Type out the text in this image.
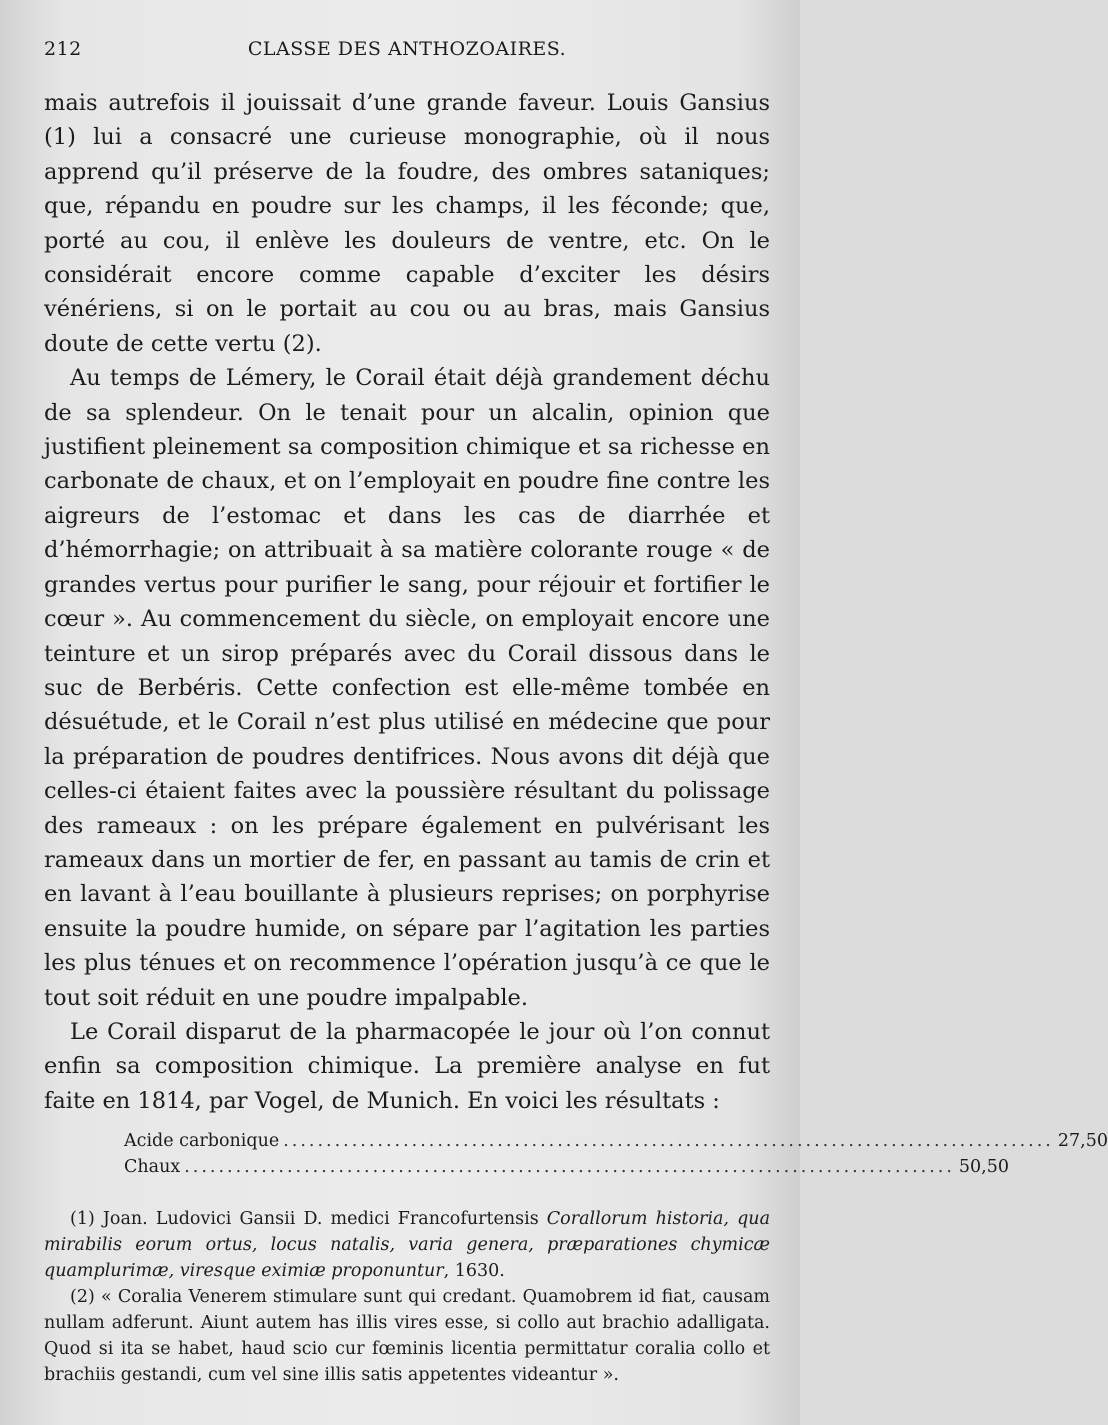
212	CLASSE DES ANTHOZOAIRES.

mais autrefois il jouissait d’une grande faveur. Louis Gansius (1) lui a consacré une curieuse monographie, où il nous apprend qu’il préserve de la foudre, des ombres sataniques; que, répandu en poudre sur les champs, il les féconde; que, porté au cou, il enlève les douleurs de ventre, etc. On le considérait encore comme capable d’exciter les désirs vénériens, si on le portait au cou ou au bras, mais Gansius doute de cette vertu (2).

Au temps de Lémery, le Corail était déjà grandement déchu de sa splendeur. On le tenait pour un alcalin, opinion que justifient pleinement sa composition chimique et sa richesse en carbonate de chaux, et on l’employait en poudre fine contre les aigreurs de l’estomac et dans les cas de diarrhée et d’hémorrhagie; on attribuait à sa matière colorante rouge « de grandes vertus pour purifier le sang, pour réjouir et fortifier le cœur ». Au commencement du siècle, on employait encore une teinture et un sirop préparés avec du Corail dissous dans le suc de Berbéris. Cette confection est elle-même tombée en désuétude, et le Corail n’est plus utilisé en médecine que pour la préparation de poudres dentifrices. Nous avons dit déjà que celles-ci étaient faites avec la poussière résultant du polissage des rameaux : on les prépare également en pulvérisant les rameaux dans un mortier de fer, en passant au tamis de crin et en lavant à l’eau bouillante à plusieurs reprises; on porphyrise ensuite la poudre humide, on sépare par l’agitation les parties les plus ténues et on recommence l’opération jusqu’à ce que le tout soit réduit en une poudre impalpable.

Le Corail disparut de la pharmacopée le jour où l’on connut enfin sa composition chimique. La première analyse en fut faite en 1814, par Vogel, de Munich. En voici les résultats :

Acide carbonique .......................................................................................... 27,50
Chaux .......................................................................................... 50,50

(1) Joan. Ludovici Gansii D. medici Francofurtensis Corallorum historia, qua mirabilis eorum ortus, locus natalis, varia genera, præparationes chymicæ quamplurimæ, viresque eximiæ proponuntur, 1630.

(2) « Coralia Venerem stimulare sunt qui credant. Quamobrem id fiat, causam nullam adferunt. Aiunt autem has illis vires esse, si collo aut brachio adalligata. Quod si ita se habet, haud scio cur fœminis licentia permittatur coralia collo et brachiis gestandi, cum vel sine illis satis appetentes videantur ».
